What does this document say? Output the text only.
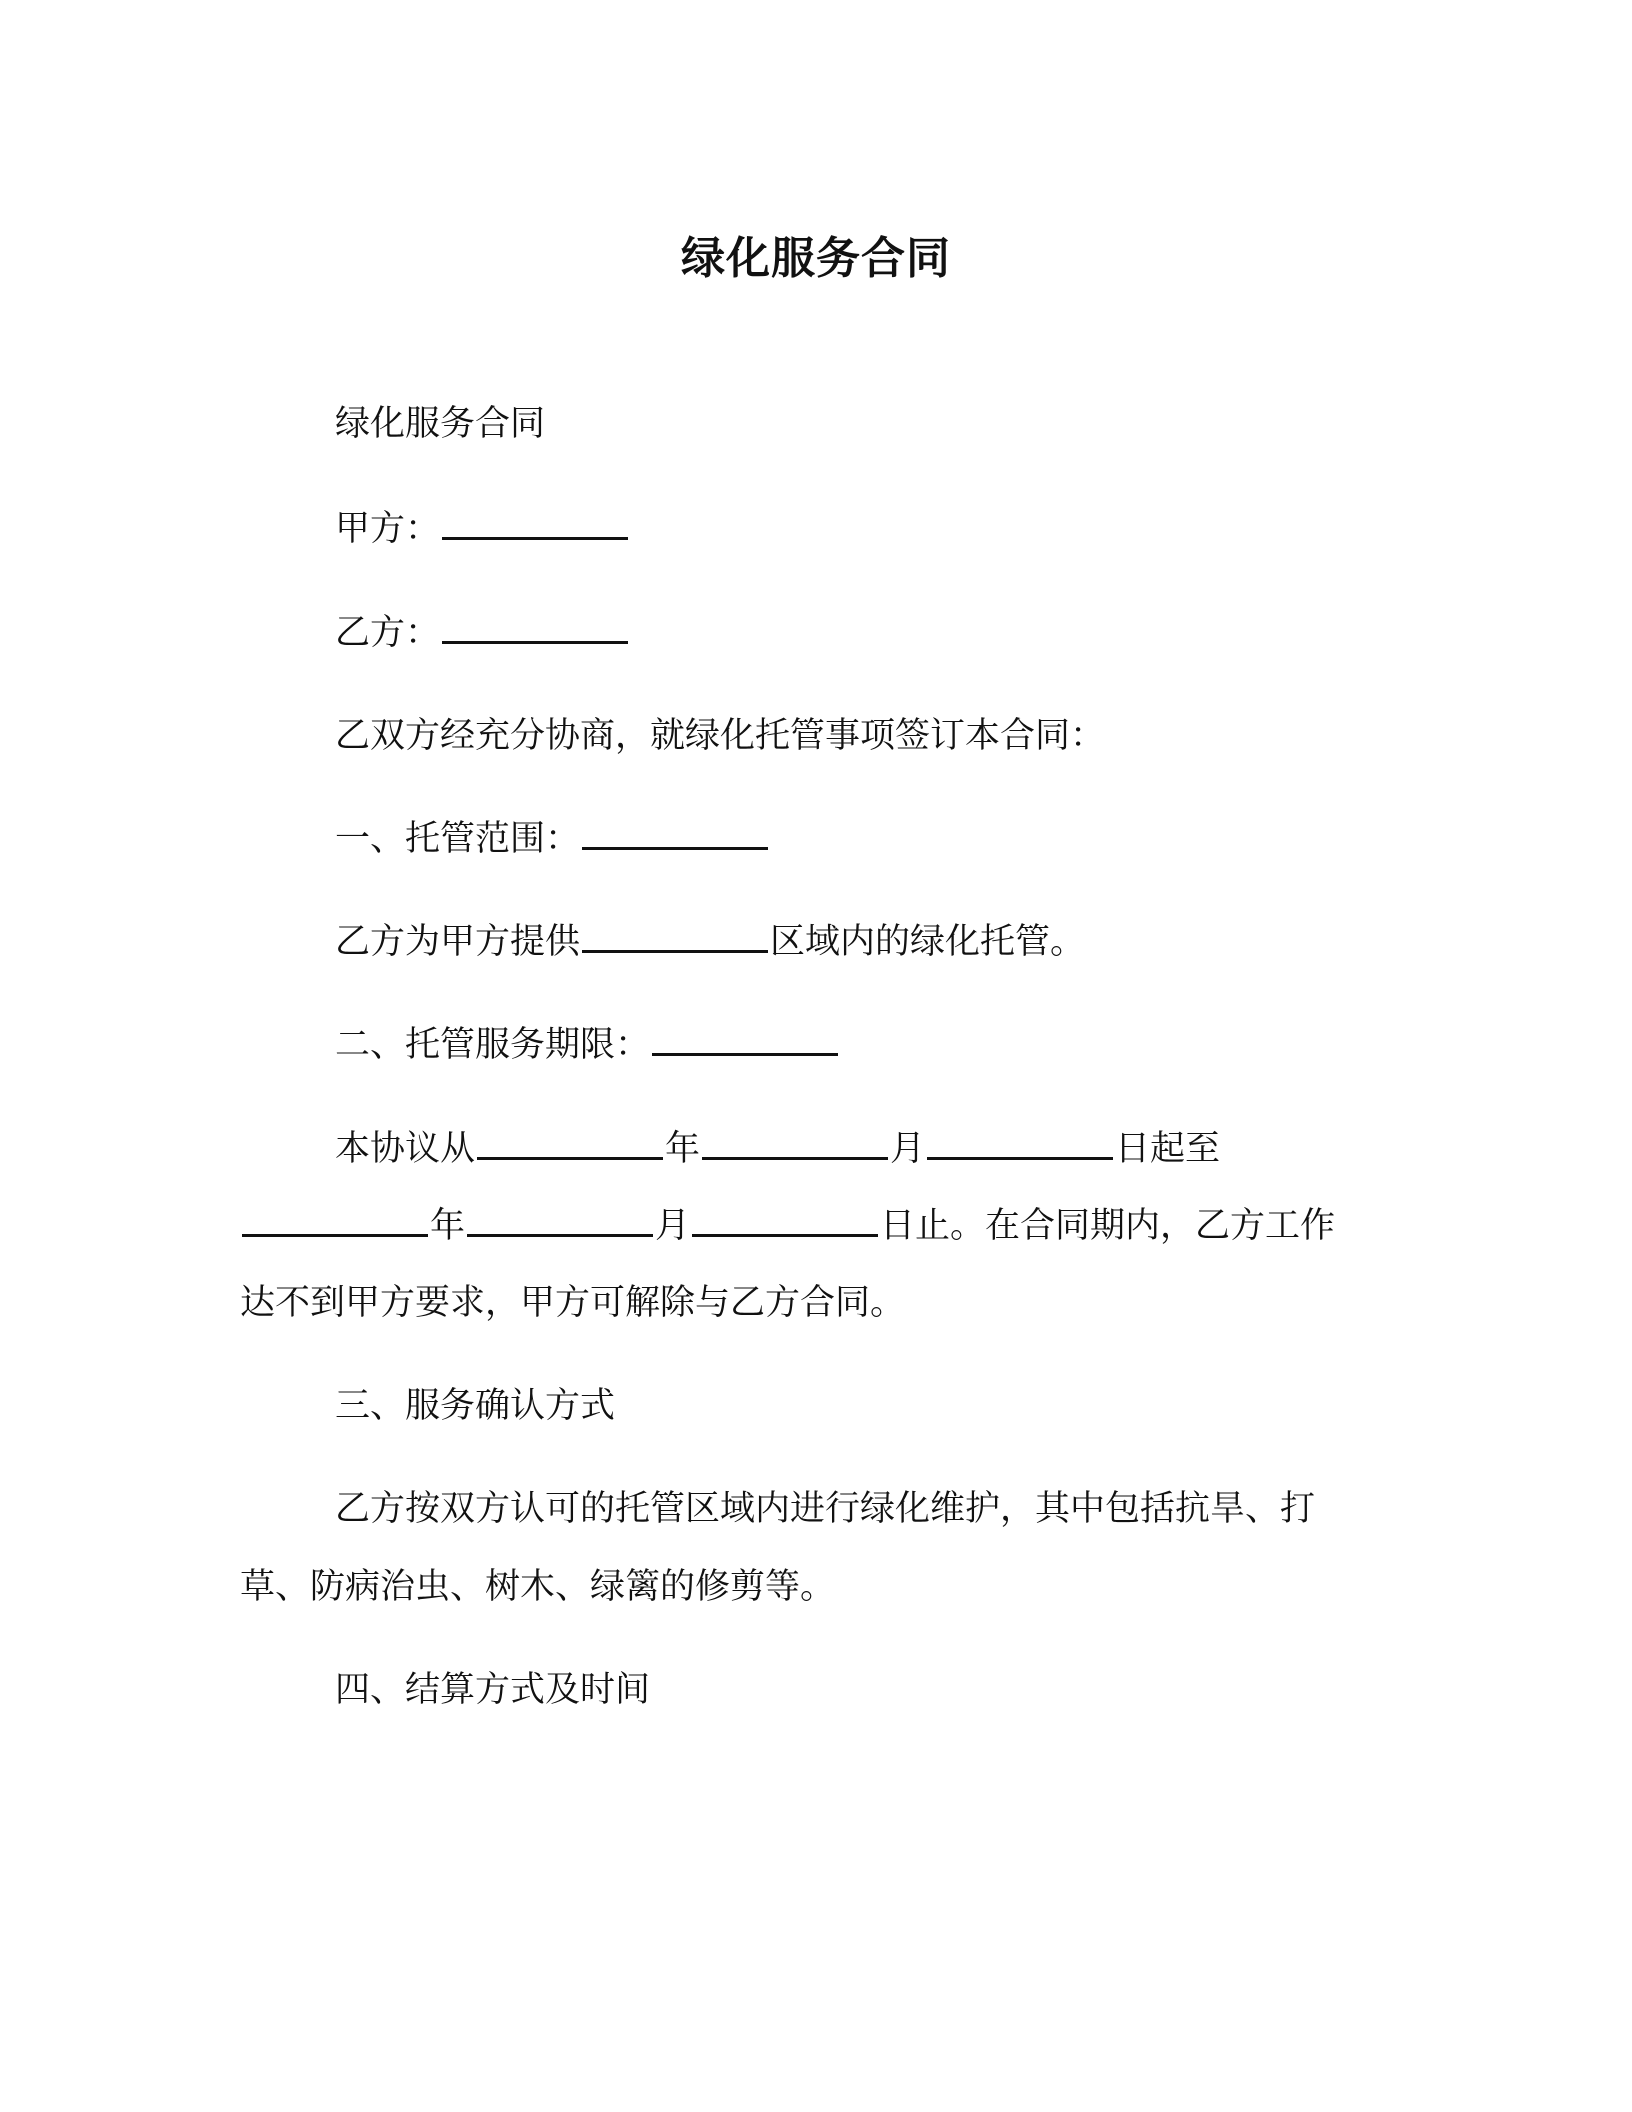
绿化服务合同
绿化服务合同
甲方：
乙方：
乙双方经充分协商，就绿化托管事项签订本合同：
一、托管范围：
乙方为甲方提供	区域内的绿化托管。
二、托管服务期限：
本协议从	年	月	日起至
年	月	日止。在合同期内，乙方工作
达不到甲方要求，甲方可解除与乙方合同。
三、服务确认方式
乙方按双方认可的托管区域内进行绿化维护，其中包括抗旱、打
草、防病治虫、树木、绿篱的修剪等。
四、结算方式及时间
